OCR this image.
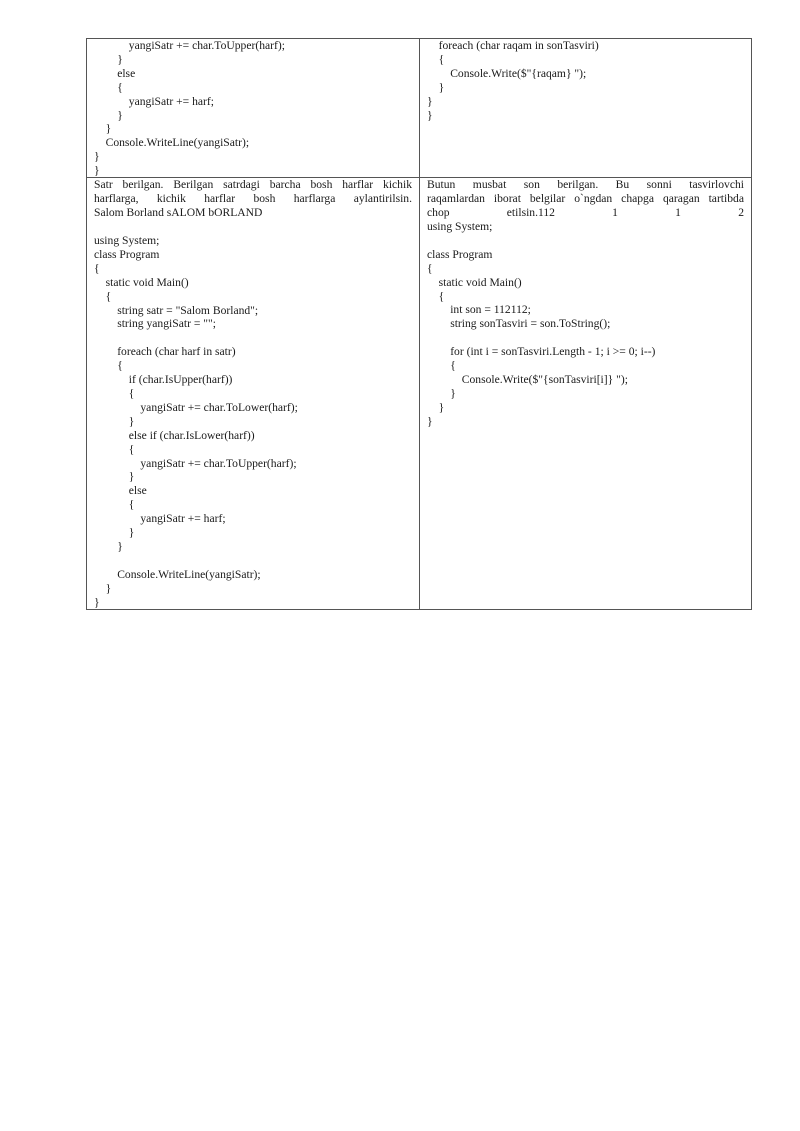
yangiSatr += char.ToUpper(harf);
}
else
{
yangiSatr += harf;
}
}
Console.WriteLine(yangiSatr);
}
}
foreach (char raqam in sonTasviri)
{
Console.Write($"{raqam} ");
}
}
}
Satr berilgan. Berilgan satrdagi barcha bosh harflar kichik
harflarga, kichik harflar bosh harflarga aylantirilsin.
Salom Borland sALOM bORLAND
using System;
class Program
{
static void Main()
{
string satr = "Salom Borland";
string yangiSatr = "";

foreach (char harf in satr)
{
if (char.IsUpper(harf))
{
yangiSatr += char.ToLower(harf);
}
else if (char.IsLower(harf))
{
yangiSatr += char.ToUpper(harf);
}
else
{
yangiSatr += harf;
}
}

Console.WriteLine(yangiSatr);
}
}
Butun musbat son berilgan. Bu sonni tasvirlovchi
raqamlardan iborat belgilar o`ngdan chapga qaragan tartibda
chop etilsin.112 1 1 2
using System;

class Program
{
static void Main()
{
int son = 112112;
string sonTasviri = son.ToString();

for (int i = sonTasviri.Length - 1; i >= 0; i--)
{
Console.Write($"{sonTasviri[i]} ");
}
}
}
